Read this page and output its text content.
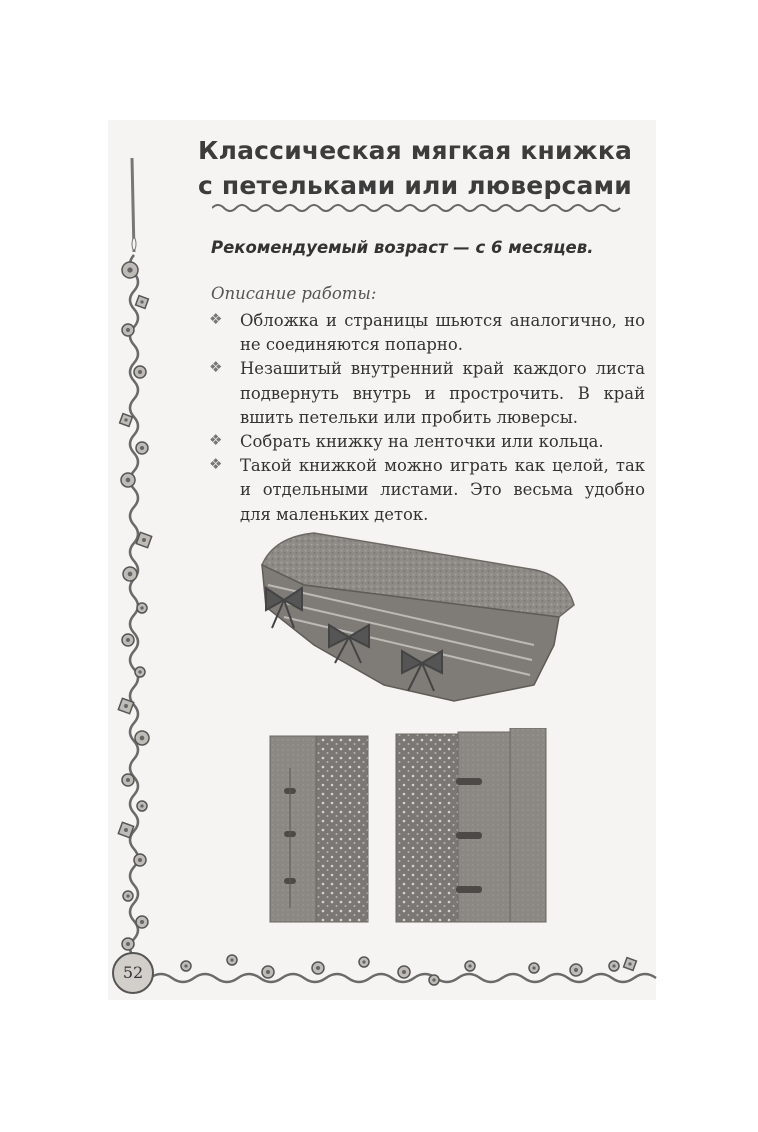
Классическая мягкая книжка
с петельками или люверсами
Рекомендуемый возраст — с 6 месяцев.
Описание работы:
❖ Обложка и страницы шьются аналогично, но не соединяются попарно.
❖ Незашитый внутренний край каждого листа подвернуть внутрь и прострочить. В край вшить петельки или пробить люверсы.
❖ Собрать книжку на ленточки или кольца.
❖ Такой книжкой можно играть как целой, так и отдельными листами. Это весьма удобно для маленьких деток.
52
